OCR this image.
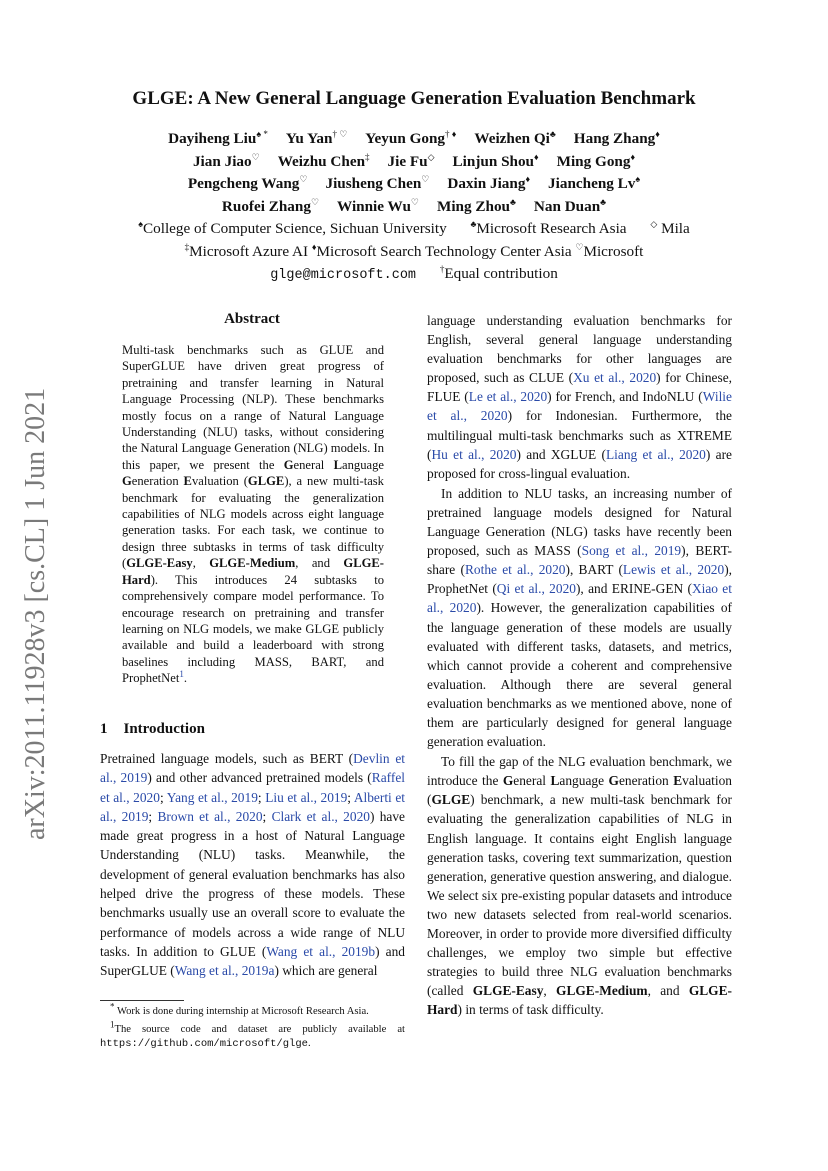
arXiv:2011.11928v3 [cs.CL] 1 Jun 2021
GLGE: A New General Language Generation Evaluation Benchmark
Dayiheng Liu♠ * Yu Yan† ♡ Yeyun Gong† ♦ Weizhen Qi♣ Hang Zhang♦
Jian Jiao♡ Weizhu Chen‡ Jie Fu◇ Linjun Shou♦ Ming Gong♦
Pengcheng Wang♡ Jiusheng Chen♡ Daxin Jiang♦ Jiancheng Lv♠
Ruofei Zhang♡ Winnie Wu♡ Ming Zhou♣ Nan Duan♣
♠College of Computer Science, Sichuan University	♣Microsoft Research Asia	◇ Mila
‡Microsoft Azure AI ♦Microsoft Search Technology Center Asia ♡Microsoft
glge@microsoft.com	†Equal contribution
Abstract
Multi-task benchmarks such as GLUE and SuperGLUE have driven great progress of pretraining and transfer learning in Natural Language Processing (NLP). These benchmarks mostly focus on a range of Natural Language Understanding (NLU) tasks, without considering the Natural Language Generation (NLG) models. In this paper, we present the General Language Generation Evaluation (GLGE), a new multi-task benchmark for evaluating the generalization capabilities of NLG models across eight language generation tasks. For each task, we continue to design three subtasks in terms of task difficulty (GLGE-Easy, GLGE-Medium, and GLGE-Hard). This introduces 24 subtasks to comprehensively compare model performance. To encourage research on pretraining and transfer learning on NLG models, we make GLGE publicly available and build a leaderboard with strong baselines including MASS, BART, and ProphetNet$^1$.
1 Introduction
Pretrained language models, such as BERT (Devlin et al., 2019) and other advanced pretrained models (Raffel et al., 2020; Yang et al., 2019; Liu et al., 2019; Alberti et al., 2019; Brown et al., 2020; Clark et al., 2020) have made great progress in a host of Natural Language Understanding (NLU) tasks. Meanwhile, the development of general evaluation benchmarks has also helped drive the progress of these models. These benchmarks usually use an overall score to evaluate the performance of models across a wide range of NLU tasks. In addition to GLUE (Wang et al., 2019b) and SuperGLUE (Wang et al., 2019a) which are general

* Work is done during internship at Microsoft Research Asia.

$^1$The source code and dataset are publicly available at https://github.com/microsoft/glge.

language understanding evaluation benchmarks for English, several general language understanding evaluation benchmarks for other languages are proposed, such as CLUE (Xu et al., 2020) for Chinese, FLUE (Le et al., 2020) for French, and IndoNLU (Wilie et al., 2020) for Indonesian. Furthermore, the multilingual multi-task benchmarks such as XTREME (Hu et al., 2020) and XGLUE (Liang et al., 2020) are proposed for cross-lingual evaluation.

In addition to NLU tasks, an increasing number of pretrained language models designed for Natural Language Generation (NLG) tasks have recently been proposed, such as MASS (Song et al., 2019), BERT-share (Rothe et al., 2020), BART (Lewis et al., 2020), ProphetNet (Qi et al., 2020), and ERINE-GEN (Xiao et al., 2020). However, the generalization capabilities of the language generation of these models are usually evaluated with different tasks, datasets, and metrics, which cannot provide a coherent and comprehensive evaluation. Although there are several general evaluation benchmarks as we mentioned above, none of them are particularly designed for general language generation evaluation.

To fill the gap of the NLG evaluation benchmark, we introduce the General Language Generation Evaluation (GLGE) benchmark, a new multi-task benchmark for evaluating the generalization capabilities of NLG in English language. It contains eight English language generation tasks, covering text summarization, question generation, generative question answering, and dialogue. We select six pre-existing popular datasets and introduce two new datasets selected from real-world scenarios. Moreover, in order to provide more diversified difficulty challenges, we employ two simple but effective strategies to build three NLG evaluation benchmarks (called GLGE-Easy, GLGE-Medium, and GLGE-Hard) in terms of task difficulty.
